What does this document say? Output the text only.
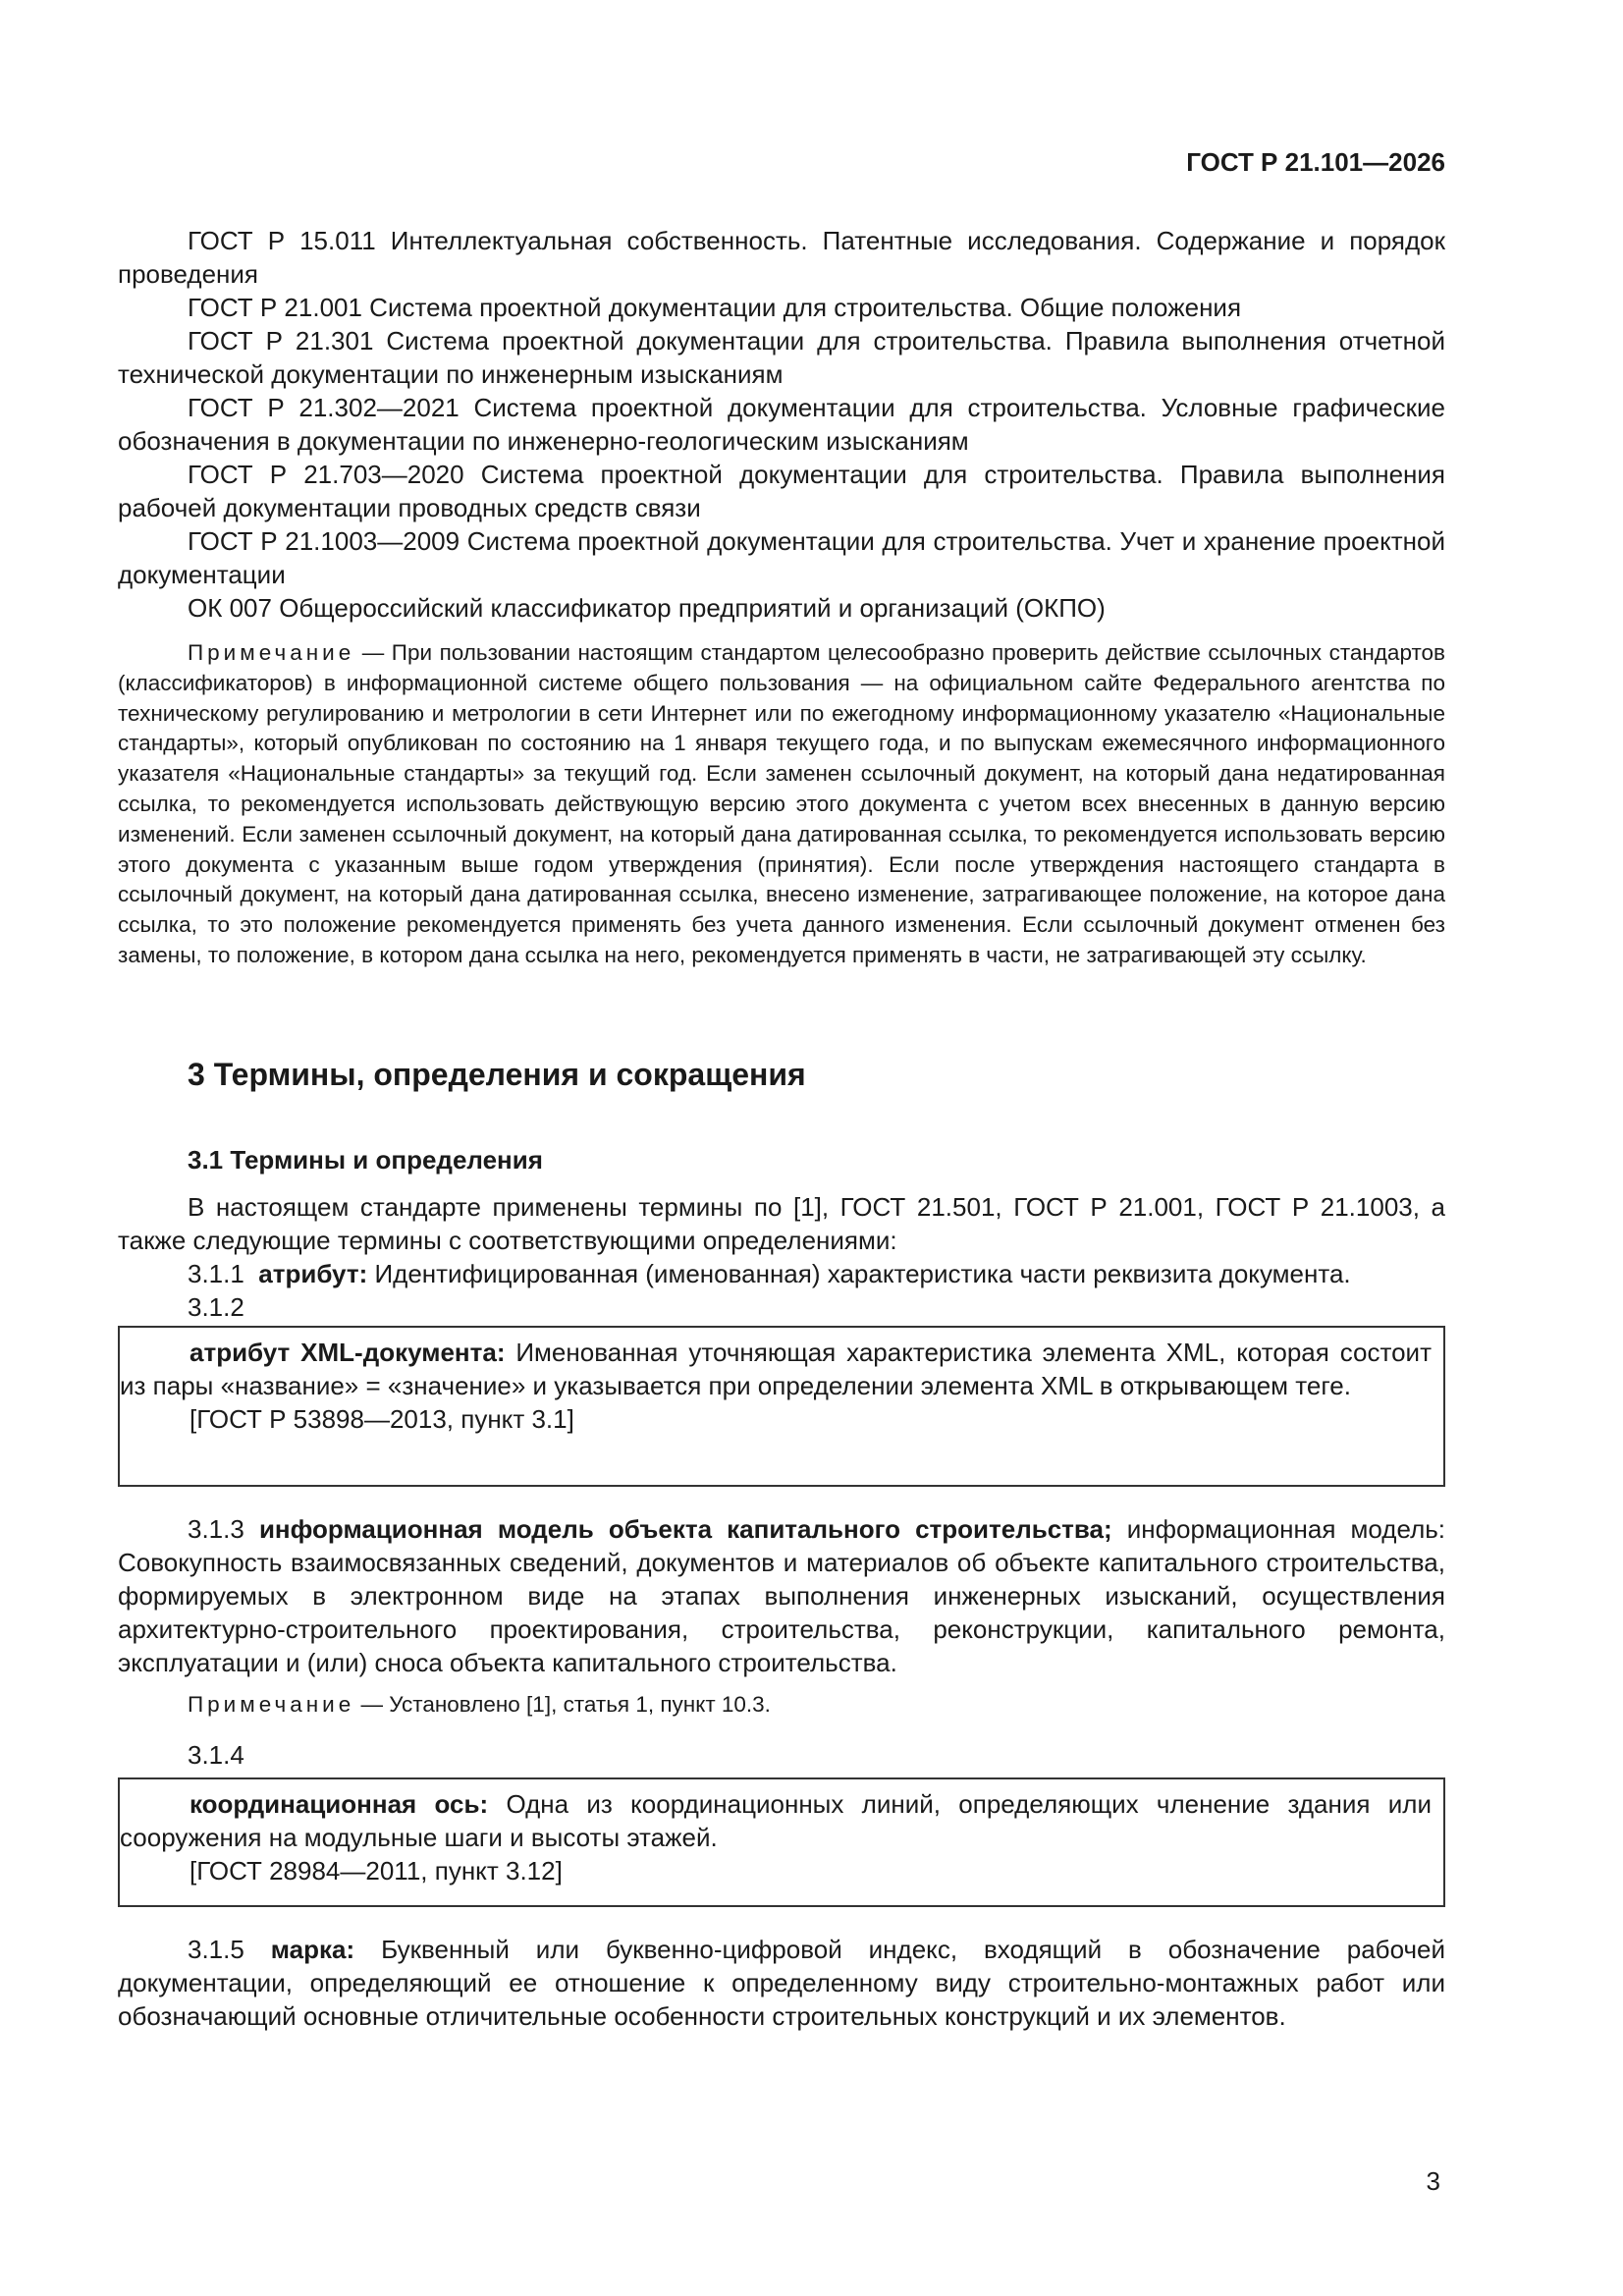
ГОСТ Р 21.101—2026

ГОСТ Р 15.011 Интеллектуальная собственность. Патентные исследования. Содержание и порядок проведения

ГОСТ Р 21.001 Система проектной документации для строительства. Общие положения

ГОСТ Р 21.301 Система проектной документации для строительства. Правила выполнения отчетной технической документации по инженерным изысканиям

ГОСТ Р 21.302—2021 Система проектной документации для строительства. Условные графические обозначения в документации по инженерно-геологическим изысканиям

ГОСТ Р 21.703—2020 Система проектной документации для строительства. Правила выполнения рабочей документации проводных средств связи

ГОСТ Р 21.1003—2009 Система проектной документации для строительства. Учет и хранение проектной документации

ОК 007 Общероссийский классификатор предприятий и организаций (ОКПО)

Примечание — При пользовании настоящим стандартом целесообразно проверить действие ссылочных стандартов (классификаторов) в информационной системе общего пользования — на официальном сайте Федерального агентства по техническому регулированию и метрологии в сети Интернет или по ежегодному информационному указателю «Национальные стандарты», который опубликован по состоянию на 1 января текущего года, и по выпускам ежемесячного информационного указателя «Национальные стандарты» за текущий год. Если заменен ссылочный документ, на который дана недатированная ссылка, то рекомендуется использовать действующую версию этого документа с учетом всех внесенных в данную версию изменений. Если заменен ссылочный документ, на который дана датированная ссылка, то рекомендуется использовать версию этого документа с указанным выше годом утверждения (принятия). Если после утверждения настоящего стандарта в ссылочный документ, на который дана датированная ссылка, внесено изменение, затрагивающее положение, на которое дана ссылка, то это положение рекомендуется применять без учета данного изменения. Если ссылочный документ отменен без замены, то положение, в котором дана ссылка на него, рекомендуется применять в части, не затрагивающей эту ссылку.

3 Термины, определения и сокращения
3.1 Термины и определения

В настоящем стандарте применены термины по [1], ГОСТ 21.501, ГОСТ Р 21.001, ГОСТ Р 21.1003, а также следующие термины с соответствующими определениями:

3.1.1 атрибут: Идентифицированная (именованная) характеристика части реквизита документа.

3.1.2

атрибут XML-документа: Именованная уточняющая характеристика элемента XML, которая состоит из пары «название» = «значение» и указывается при определении элемента XML в открывающем теге.

[ГОСТ Р 53898—2013, пункт 3.1]

3.1.3 информационная модель объекта капитального строительства; информационная модель: Совокупность взаимосвязанных сведений, документов и материалов об объекте капитального строительства, формируемых в электронном виде на этапах выполнения инженерных изысканий, осуществления архитектурно-строительного проектирования, строительства, реконструкции, капитального ремонта, эксплуатации и (или) сноса объекта капитального строительства.

Примечание — Установлено [1], статья 1, пункт 10.3.

3.1.4

координационная ось: Одна из координационных линий, определяющих членение здания или сооружения на модульные шаги и высоты этажей.

[ГОСТ 28984—2011, пункт 3.12]

3.1.5 марка: Буквенный или буквенно-цифровой индекс, входящий в обозначение рабочей документации, определяющий ее отношение к определенному виду строительно-монтажных работ или обозначающий основные отличительные особенности строительных конструкций и их элементов.

3
